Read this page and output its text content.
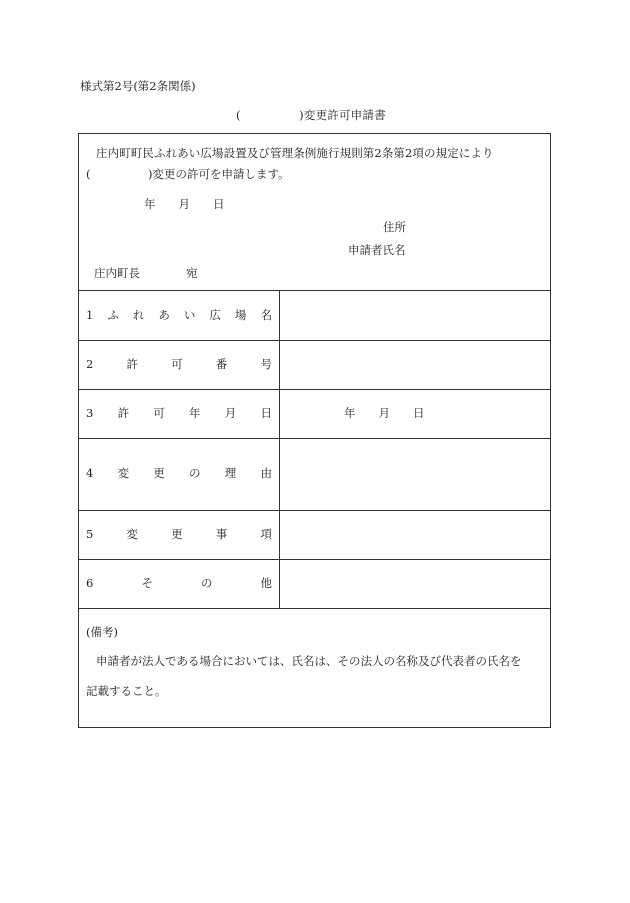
様式第2号(第2条関係)
(　　　　　)変更許可申請書
庄内町町民ふれあい広場設置及び管理条例施行規則第2条第2項の規定により
(　　　　　)変更の許可を申請します。
年　　月　　日
住所
申請者氏名
庄内町長　　　　宛
1 ふ れ あ い 広 場 名
2	許	可	番	号
3 許 可 年 月 日	年　　月　　日
4 変 更 の 理 由
5	変	更	事	項
6	そ	の	他
(備考)
申請者が法人である場合においては、氏名は、その法人の名称及び代表者の氏名を
記載すること。
